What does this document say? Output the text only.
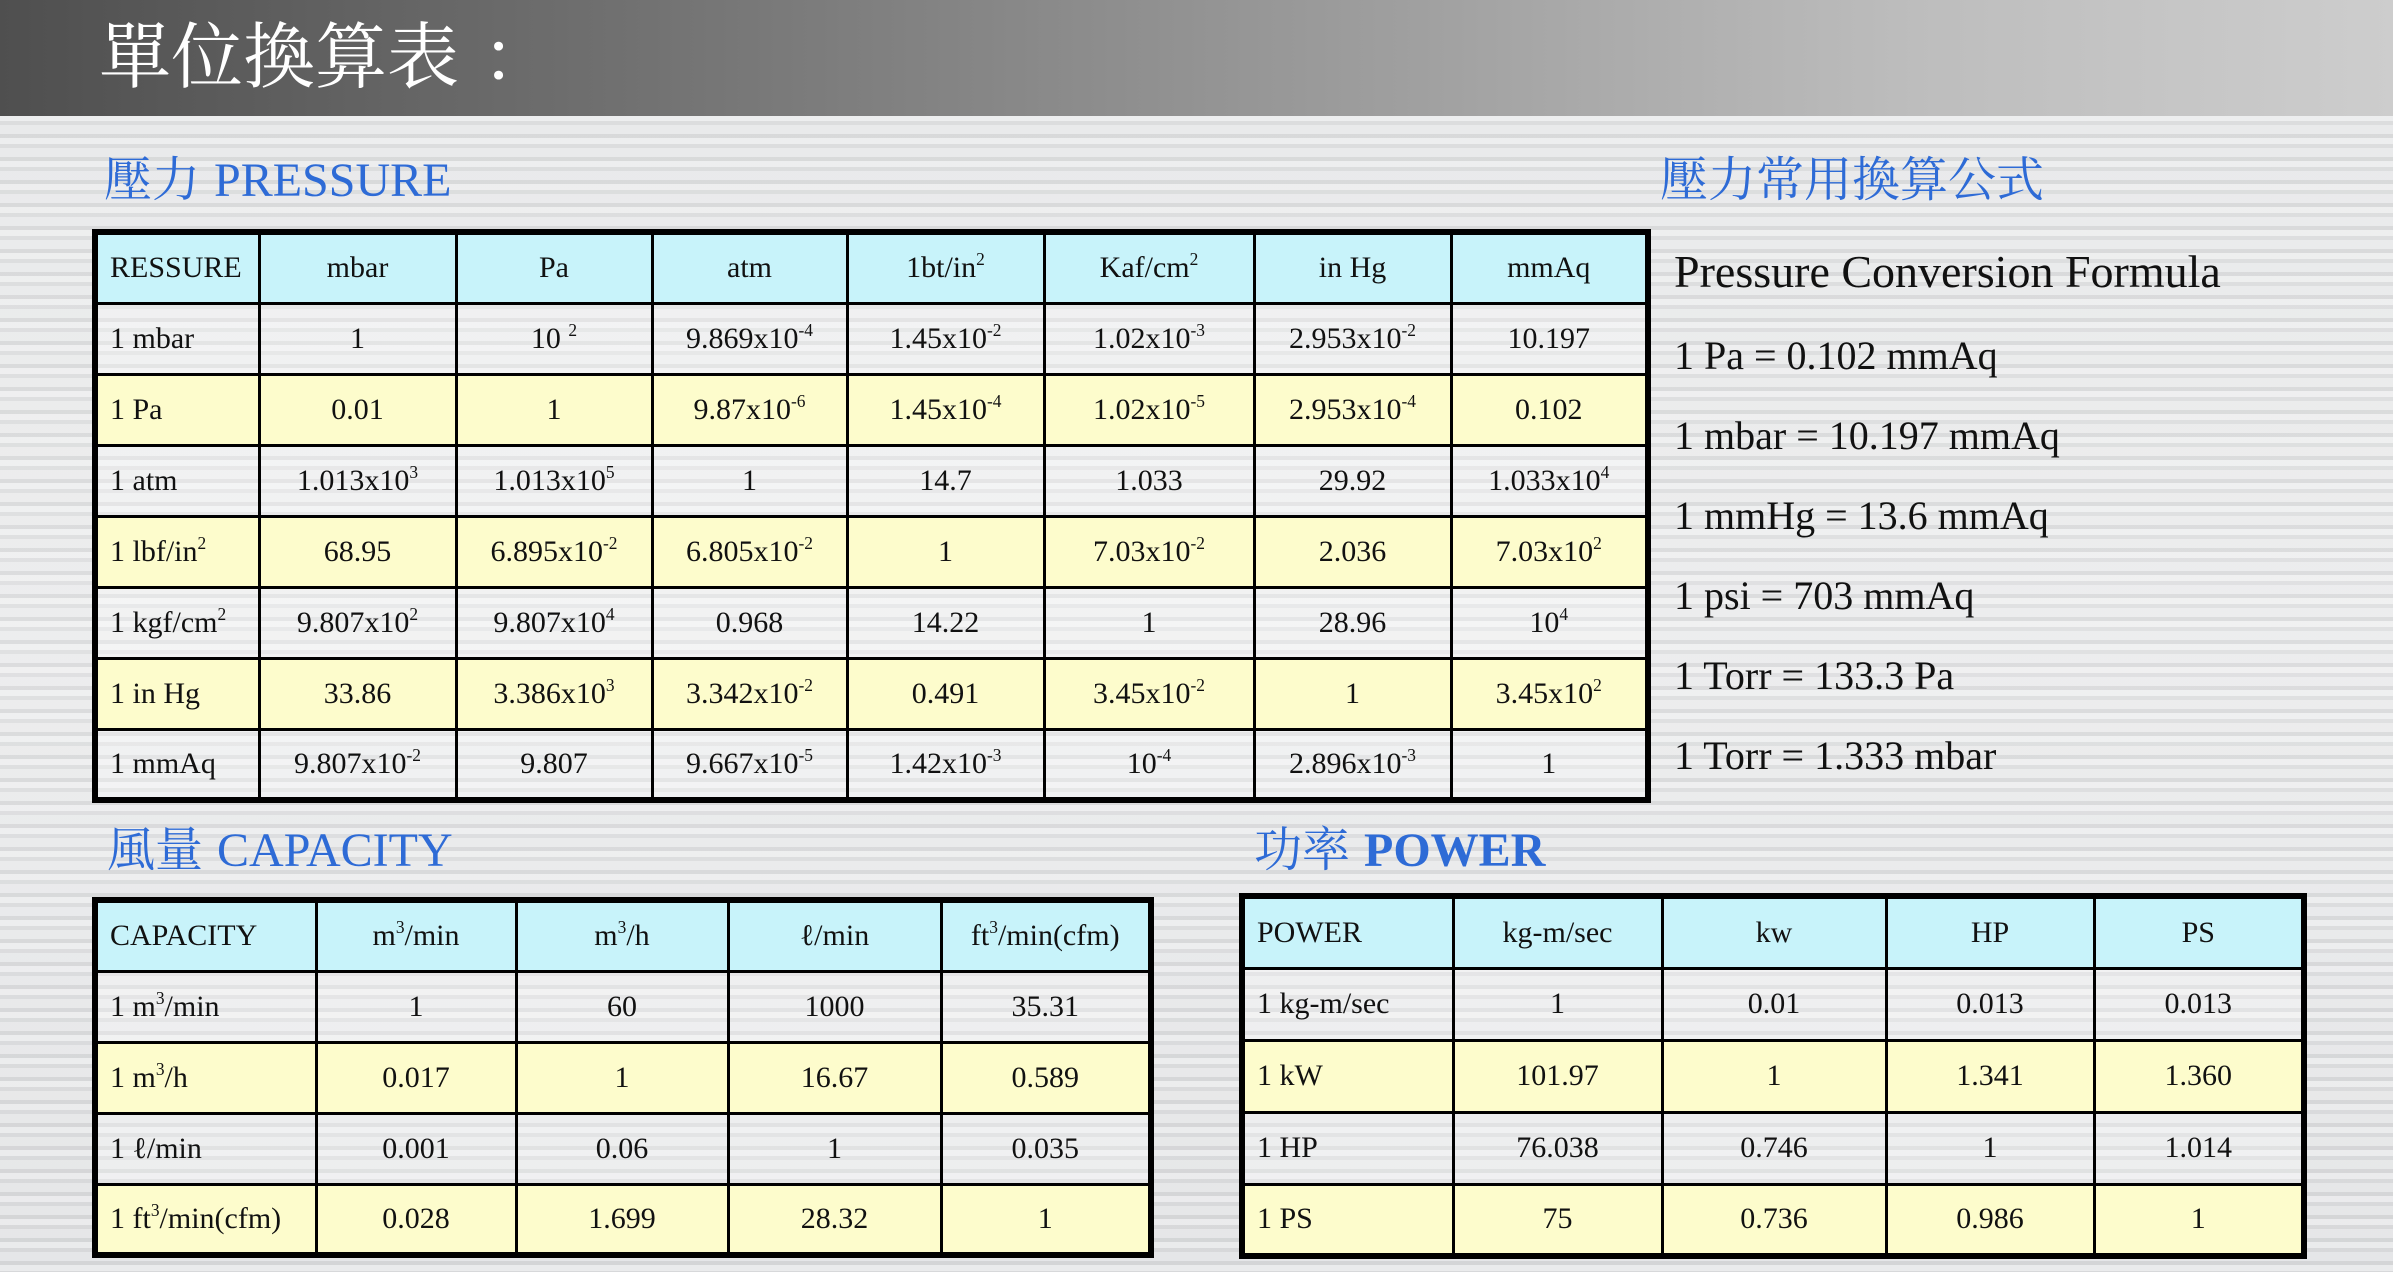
單位換算表 ：
壓力 PRESSURE
RESSURE	mbar	Pa	atm	$1bt/in^2$	Kaf/$cm^2$	in Hg	mmAq
1 mbar	1	10 $^2$	$9.869x10^{-4}$	$1.45x10^{-2}$	$1.02x10^{-3}$	$2.953x10^{-2}$	10.197
1 Pa	0.01	1	$9.87x10^{-6}$	$1.45x10^{-4}$	$1.02x10^{-5}$	$2.953x10^{-4}$	0.102
1 atm	$1.013x10^3$	$1.013x10^5$	1	14.7	1.033	29.92	$1.033x10^4$
1 lbf/$in^2$	68.95	$6.895x10^{-2}$	$6.805x10^{-2}$	1	$7.03x10^{-2}$	2.036	$7.03x10^2$
1 kgf/$cm^2$	$9.807x10^2$	$9.807x10^4$	0.968	14.22	1	28.96	$10^4$
1 in Hg	33.86	$3.386x10^3$	$3.342x10^{-2}$	0.491	$3.45x10^{-2}$	1	$3.45x10^2$
1 mmAq	$9.807x10^{-2}$	9.807	$9.667x10^{-5}$	$1.42x10^{-3}$	$10^{-4}$	$2.896x10^{-3}$	1
壓力常用換算公式
Pressure Conversion Formula
1 Pa = 0.102 mmAq
1 mbar = 10.197 mmAq
1 mmHg = 13.6 mmAq
1 psi = 703 mmAq
1 Torr = 133.3 Pa
1 Torr = 1.333 mbar
風量 CAPACITY
CAPACITY	$m^3/\min$	$m^3/h$	ℓ/min	$ft^3/\min(cfm)$
1 $m^3/\min$	1	60	1000	35.31
1 $m^3/h$	0.017	1	16.67	0.589
1 ℓ/min	0.001	0.06	1	0.035
1 $ft^3/\min(cfm)$	0.028	1.699	28.32	1
功率 POWER
POWER	kg-m/sec	kw	HP	PS
1 kg-m/sec	1	0.01	0.013	0.013
1 kW	101.97	1	1.341	1.360
1 HP	76.038	0.746	1	1.014
1 PS	75	0.736	0.986	1
